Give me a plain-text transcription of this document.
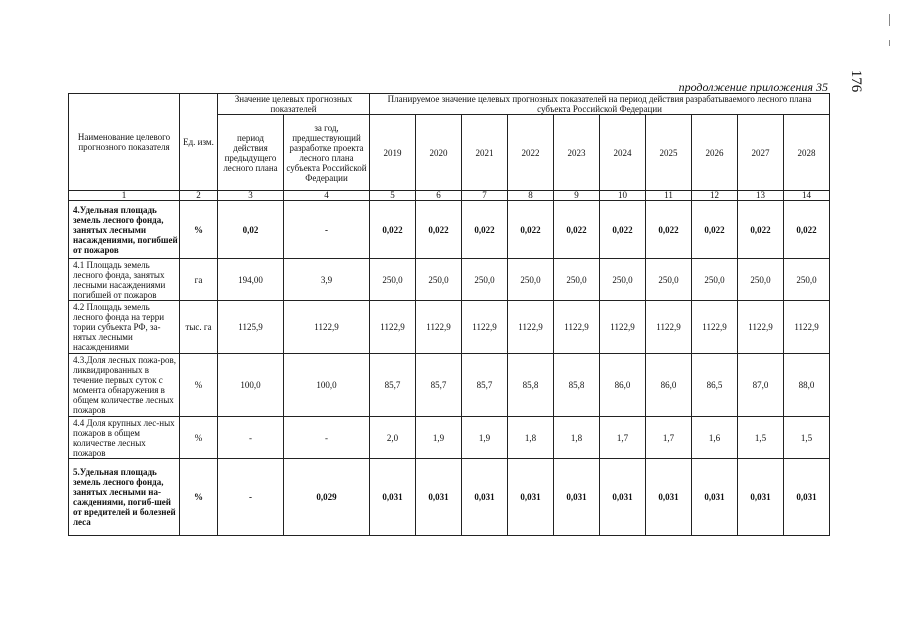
176
продолжение приложения 35
Наименование целевого прогнозного показателя	Ед. изм.	Значение целевых прогнозных показателей		Планируемое значение целевых прогнозных показателей на период действия разрабатываемого лесного плана субъекта Российской Федерации									
		период действия предыдущего лесного плана	за год, предшествующий разработке проекта лесного плана субъекта Российской Федерации	2019	2020	2021	2022	2023	2024	2025	2026	2027	2028
1	2	3	4	5	6	7	8	9	10	11	12	13	14
4.Удельная площадь земель лесного фонда, занятых лесными насаждениями, погибшей от пожаров	%	0,02	-	0,022	0,022	0,022	0,022	0,022	0,022	0,022	0,022	0,022	0,022
4.1 Площадь земель лесного фонда, занятых лесными насаждениями погибшей от пожаров	га	194,00	3,9	250,0	250,0	250,0	250,0	250,0	250,0	250,0	250,0	250,0	250,0
4.2 Площадь земель лесного фонда на терри тории субъекта РФ, за-нятых лесными насаждениями	тыс. га	1125,9	1122,9	1122,9	1122,9	1122,9	1122,9	1122,9	1122,9	1122,9	1122,9	1122,9	1122,9
4.3.Доля лесных пожа-ров, ликвидированных в течение первых суток с момента обнаружения в общем количестве лесных пожаров	%	100,0	100,0	85,7	85,7	85,7	85,8	85,8	86,0	86,0	86,5	87,0	88,0
4.4 Доля крупных лес-ных пожаров в общем количестве лесных пожаров	%	-	-	2,0	1,9	1,9	1,8	1,8	1,7	1,7	1,6	1,5	1,5
5.Удельная площадь земель лесного фонда, занятых лесными на-саждениями, погиб-шей от вредителей и болезней леса	%	-	0,029	0,031	0,031	0,031	0,031	0,031	0,031	0,031	0,031	0,031	0,031
